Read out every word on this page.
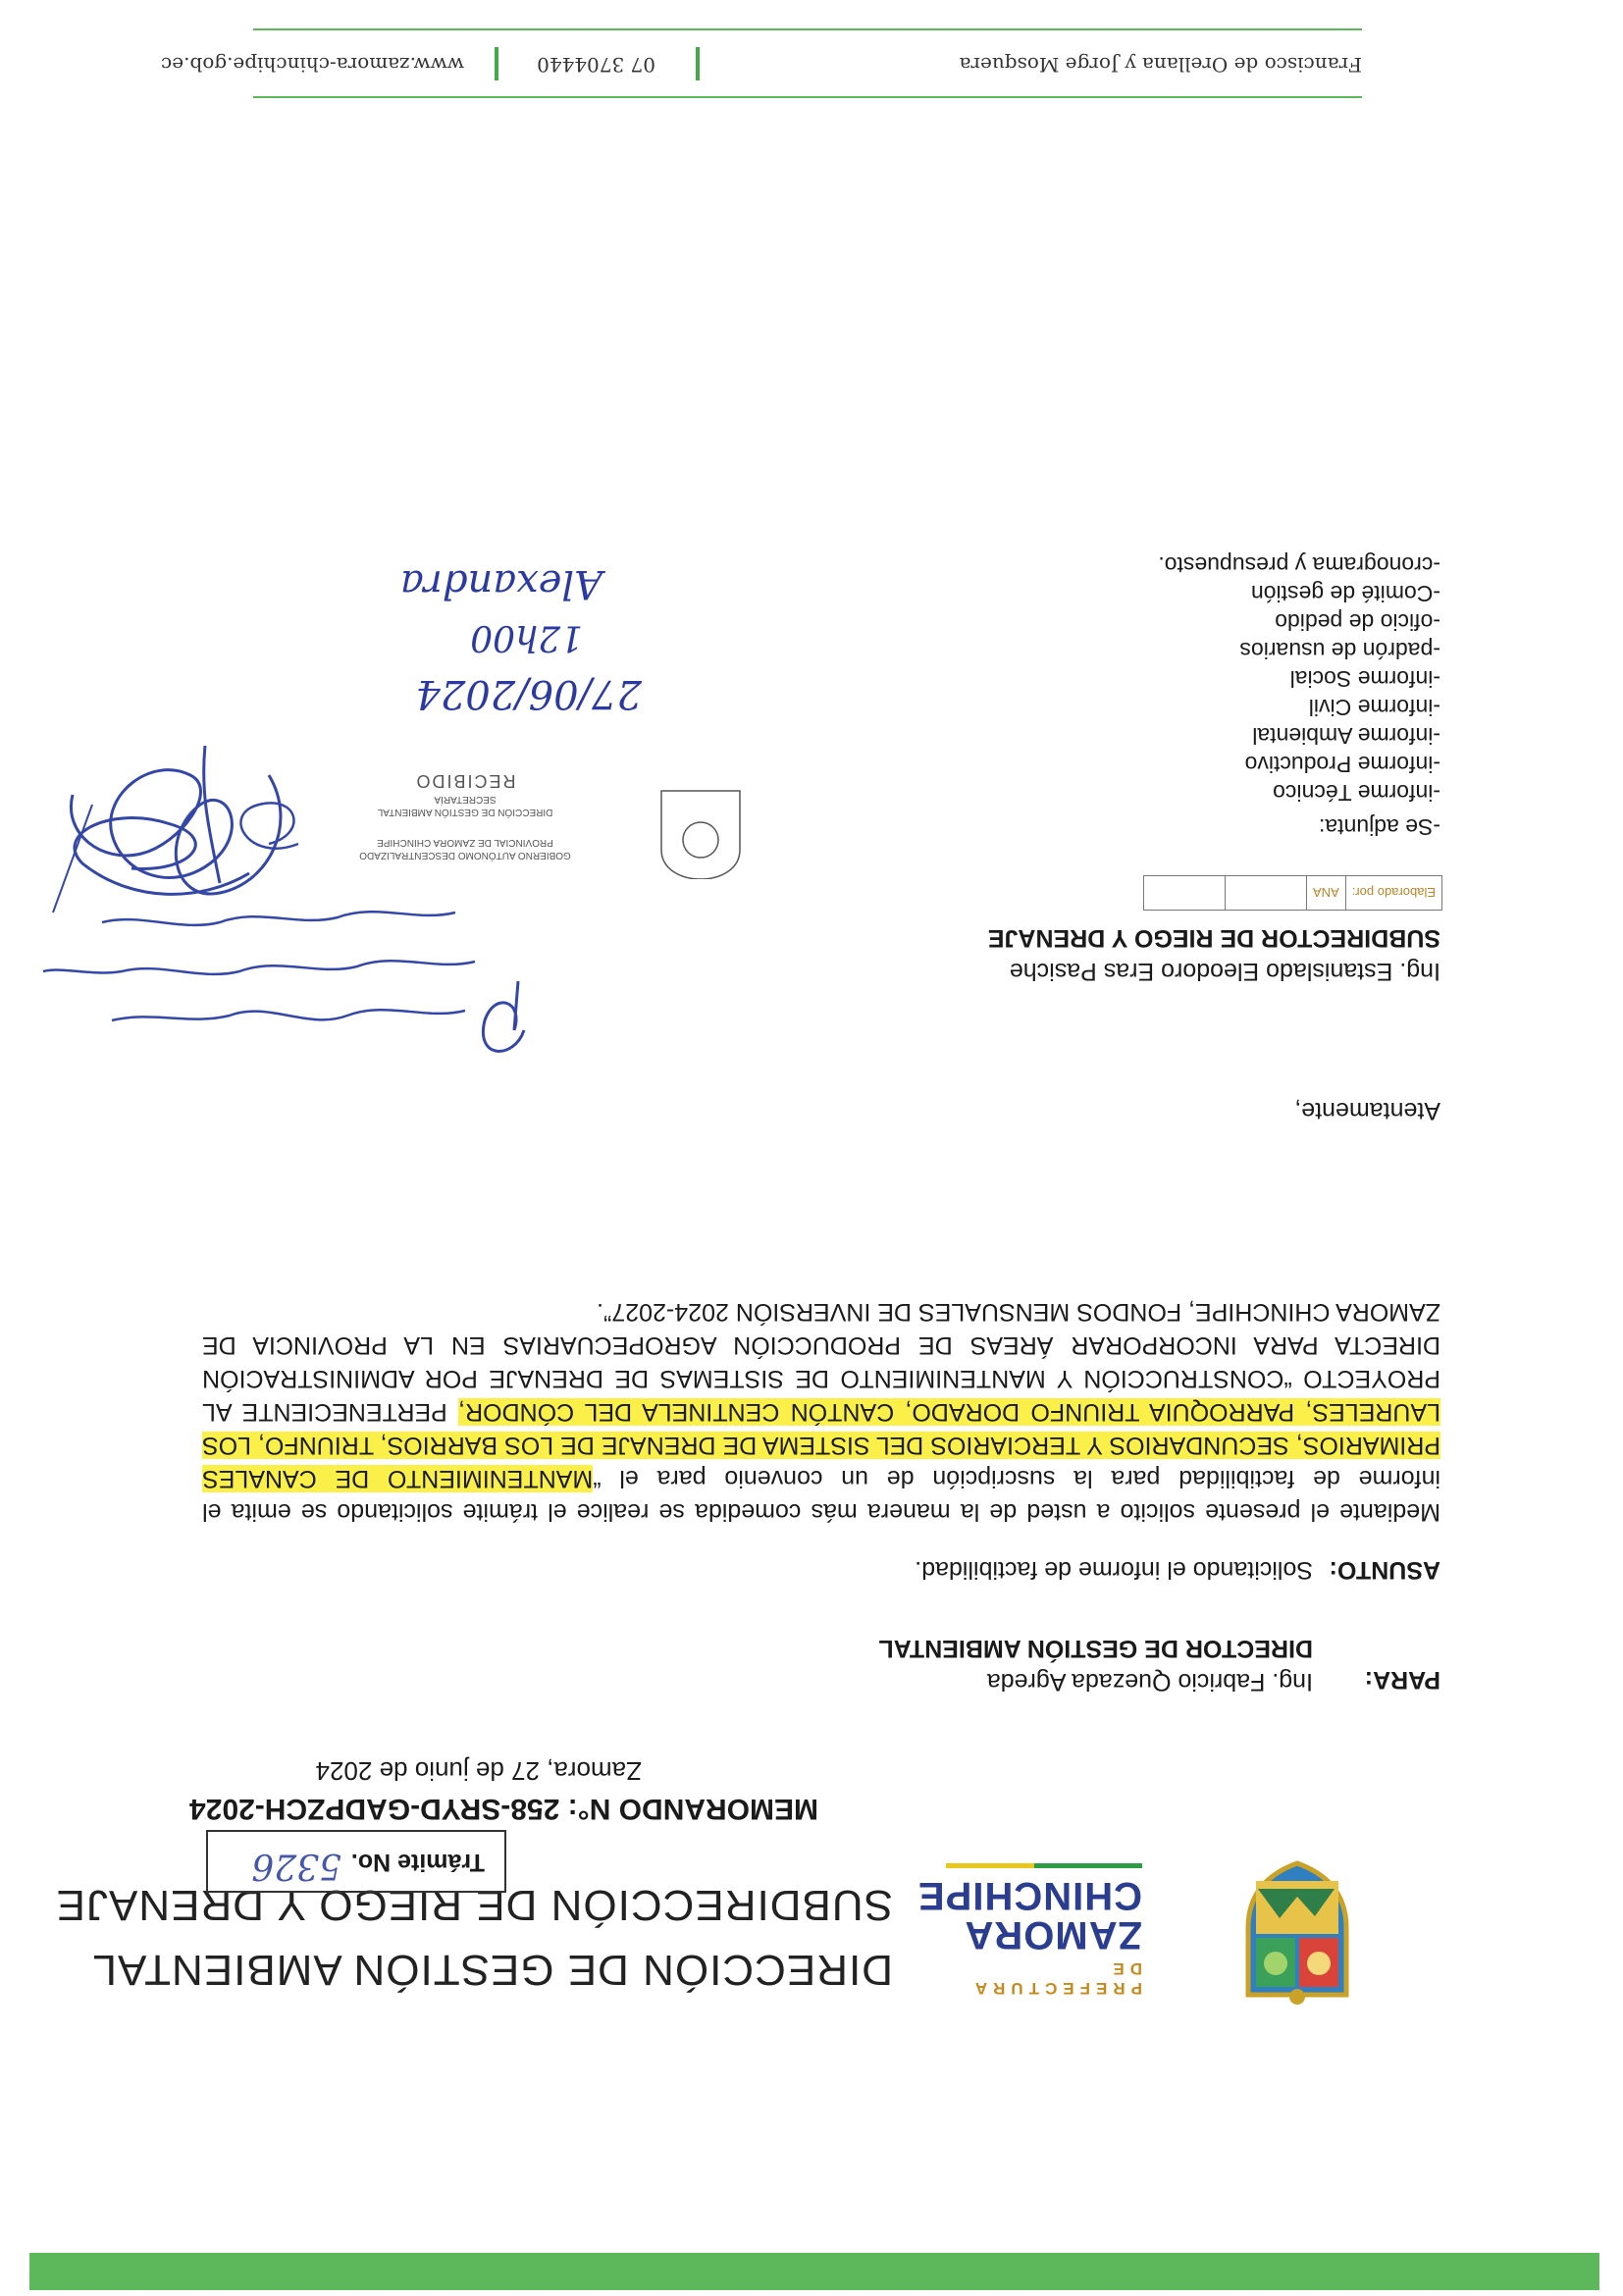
PREFECTURA DE
ZAMORA
CHINCHIPE
DIRECCIÓN DE GESTIÓN AMBIENTAL
SUBDIRECCIÓN DE RIEGO Y DRENAJE
Trámite No.
5326
MEMORANDO N°: 258-SRYD-GADPZCH-2024
Zamora, 27 de junio de 2024
PARA:
Ing. Fabricio Quezada Agreda
DIRECTOR DE GESTIÓN AMBIENTAL
ASUNTO:
Solicitando el informe de factibilidad.
Mediante el presente solicito a usted de la manera más comedida se realice el trámite solicitando se emita el informe de factibilidad para la suscripción de un convenio para el “MANTENIMIENTO DE CANALES PRIMARIOS, SECUNDARIOS Y TERCIARIOS DEL SISTEMA DE DRENAJE DE LOS BARRIOS, TRIUNFO, LOS LAURELES, PARROQUIA TRIUNFO DORADO, CANTÓN CENTINELA DEL CÓNDOR, PERTENECIENTE AL PROYECTO “CONSTRUCCIÓN Y MANTENIMIENTO DE SISTEMAS DE DRENAJE POR ADMINISTRACIÓN DIRECTA PARA INCORPORAR ÁREAS DE PRODUCCIÓN AGROPECUARIAS EN LA PROVINCIA DE ZAMORA CHINCHIPE, FONDOS MENSUALES DE INVERSIÓN 2024-2027”.
Atentamente,
Ing. Estanislado Eleodoro Eras Pasiche
SUBDIRECTOR DE RIEGO Y DRENAJE
Elaborado por:	ANA		
-Se adjunta:
-informe Técnico
-informe Productivo
-informe Ambiental
-informe Civil
-informe Social
-padrón de usuarios
-oficio de pedido
-Comité de gestión
-cronograma y presupuesto.
GOBIERNO AUTÓNOMO DESCENTRALIZADO
PROVINCIAL DE ZAMORA CHINCHIPE
DIRECCIÓN DE GESTIÓN AMBIENTAL
SECRETARÍA
RECIBIDO
27/06/2024
12h00
Alexandra
Francisco de Orellana y Jorge Mosquera
07 3704440
www.zamora-chinchipe.gob.ec
